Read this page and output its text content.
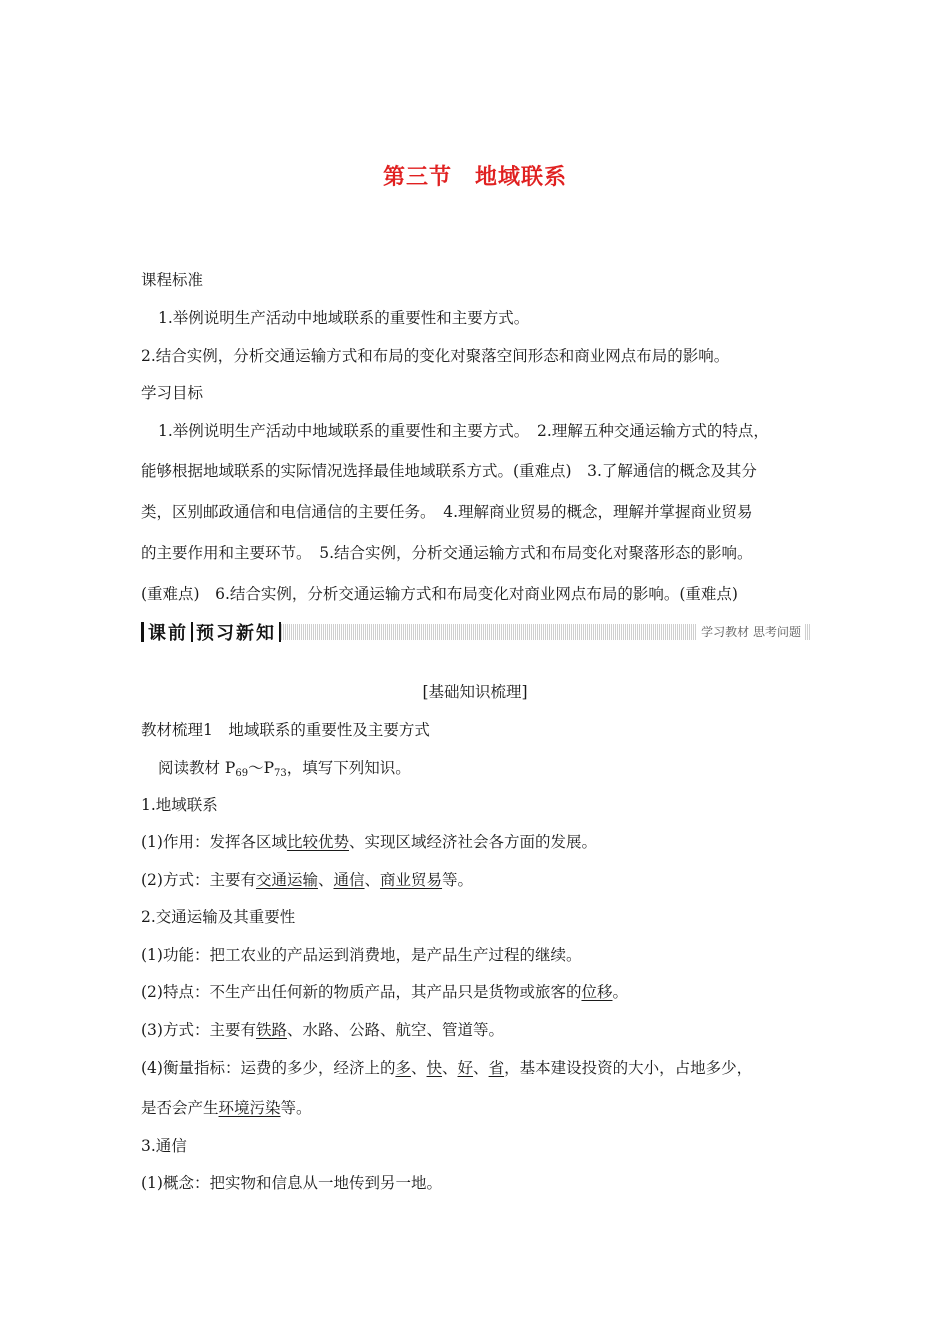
第三节　地域联系
课程标准
1.举例说明生产活动中地域联系的重要性和主要方式。
2.结合实例，分析交通运输方式和布局的变化对聚落空间形态和商业网点布局的影响。
学习目标
1.举例说明生产活动中地域联系的重要性和主要方式。　2.理解五种交通运输方式的特点，
能够根据地域联系的实际情况选择最佳地域联系方式。(重难点)　3.了解通信的概念及其分
类，区别邮政通信和电信通信的主要任务。　4.理解商业贸易的概念，理解并掌握商业贸易
的主要作用和主要环节。　5.结合实例，分析交通运输方式和布局变化对聚落形态的影响。
(重难点)　6.结合实例，分析交通运输方式和布局变化对商业网点布局的影响。(重难点)
课前 预习新知	学习教材 思考问题
[基础知识梳理]
教材梳理1　地域联系的重要性及主要方式
阅读教材 $P_{69}\sim P_{73}$，填写下列知识。
1.地域联系
(1)作用：发挥各区域比较优势、实现区域经济社会各方面的发展。
(2)方式：主要有交通运输、通信、商业贸易等。
2.交通运输及其重要性
(1)功能：把工农业的产品运到消费地，是产品生产过程的继续。
(2)特点：不生产出任何新的物质产品，其产品只是货物或旅客的位移。
(3)方式：主要有铁路、水路、公路、航空、管道等。
(4)衡量指标：运费的多少，经济上的多、快、好、省，基本建设投资的大小，占地多少，
是否会产生环境污染等。
3.通信
(1)概念：把实物和信息从一地传到另一地。
